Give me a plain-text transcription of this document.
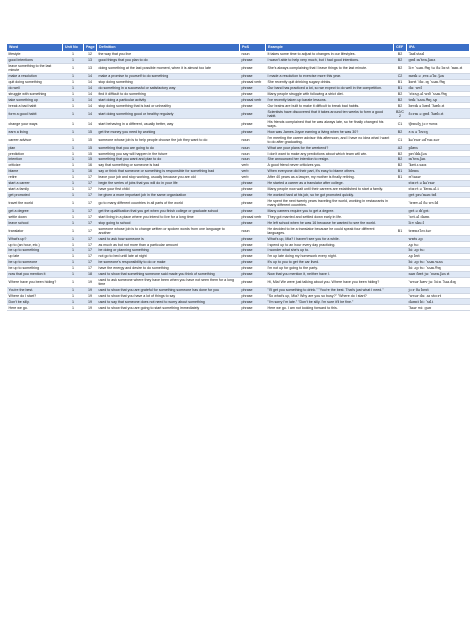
Word	Unit No	Page	Definition	PoS	Example	CEF	IPA
lifestyle	1	12	the way that you live	noun	It takes some time to adjust to changes in our lifestyles.	B2	ˈlaɪf.staɪl
good intentions	1	13	good things that you plan to do	phrase	I wasn't able to help very much, but I had good intentions.	B2	ɡʊd ɪnˈten.ʃənz
leave something to the last minute	1	13	doing something at the last possible moment, when it is almost too late	phrase	She's always complaining that I leave things to the last minute.	B2	liːv ˈsʌm.θɪŋ tə ðə lɑːst ˈmɪn.ɪt
make a resolution	1	14	make a promise to yourself to do something	phrase	I made a resolution to exercise more this year.	C2	meɪk ə ˌrez.əˈluː.ʃən
quit doing something	1	14	stop doing something	phrasal verb	She recently quit drinking sugary drinks.	B1	kwɪt ˈduː.ɪŋ ˈsʌm.θɪŋ
do well	1	14	do something in a successful or satisfactory way	phrase	Our band has practiced a lot, so we expect to do well in the competition.	B1	duː wel
struggle with something	1	14	find it difficult to do something	phrase	Many people struggle with following a strict diet.	B2	ˈstrʌɡ.əl wɪð ˈsʌm.θɪŋ
take something up	1	14	start doing a particular activity	phrasal verb	I've recently taken up karate lessons.	B2	teɪk ˈsʌm.θɪŋ ʌp
break a bad habit	1	14	stop doing something that is bad or unhealthy	phrase	Our brains are built to make it difficult to break bad habits.	B2	breɪk ə bæd ˈhæb.ɪt
form a good habit	1	14	start doing something good or healthy regularly	phrase	Scientists have discovered that it takes around ten weeks to form a good habit.	B2/C2	fɔːrm ə ɡʊd ˈhæb.ɪt
change your ways	1	14	start behaving in a different, usually better, way	phrase	His friends complained that he was always late, so he finally changed his ways.	C1	tʃeɪndʒ jɔːr weɪz
earn a living	1	15	get the money you need by working	phrase	How was James Joyce earning a living when he was 30?	B2	ɜːn ə ˈlɪv.ɪŋ
career advisor	1	15	someone whose job is to help people choose the job they want to do	noun	I'm meeting the career advisor this afternoon, and I have no idea what I want to do after graduating.	C1	kəˈrɪər ədˈvaɪ.zər
plan	1	15	something that you are going to do	noun	What are your plans for the weekend?	A2	plæn
prediction	1	15	something you say will happen in the future	noun	I don't want to make any predictions about which team will win.	B2	prɪˈdɪk.ʃən
intention	1	15	something that you want and plan to do	noun	She announced her intention to resign.	B2	ɪnˈten.ʃən
criticize	1	16	say that something or someone is bad	verb	A good friend never criticizes you.	B2	ˈkrɪt.ɪ.saɪz
blame	1	16	say or think that someone or something is responsible for something bad	verb	When everyone did their part, it's easy to blame others.	B1	bleɪm
retire	1	17	leave your job and stop working, usually because you are old	verb	After 40 years as a lawyer, my mother is finally retiring.	B1	rɪˈtaɪər
start a career	1	17	begin the series of jobs that you will do in your life	phrase	He started a career as a translator after college.		stɑːrt ə kəˈrɪər
start a family	1	17	have your first child	phrase	Many people now wait until their careers are established to start a family.		stɑːrt ə ˈfæm.əl.i
get promoted	1	17	be given a more important job in the same organization	phrase	He worked hard at his job, so he got promoted quickly.		ɡet prəˈməʊ.tɪd
travel the world	1	17	go to many different countries in all parts of the world	phrase	He spent the next twenty years traveling the world, working in restaurants in many different countries.		ˈtræv.əl ðə wɜːld
get a degree	1	17	get the qualification that you get when you finish college or graduate school	phrase	Many careers require you to get a degree.		ɡet ə dɪˈɡriː
settle down	1	17	start living in a place where you intend to live for a long time	phrasal verb	They got married and settled down early in life.		ˈset.əl daʊn
leave school	1	17	stop going to school	phrase	He left school when he was 16 because he wanted to see the world.		liːv skuːl
translator	1	17	someone whose job is to change written or spoken words from one language to another	noun	He decided to be a translator because he could speak four different languages.	B1	trænzˈleɪ.tər
What's up?	1	17	used to ask how someone is	phrase	What's up, Mia? I haven't see you for a while.		wɒts ʌp
up to (an hour, etc.)	1	17	as much as but not more than a particular amount	phrase	I spend up to an hour every day practicing.		ʌp tuː
be up to something	1	17	be doing or planning something	phrase	I wonder what she's up to.		biː ʌp tuː
up late	1	17	not go to bed until late at night	phrase	I'm up late doing my homework every night.		ʌp leɪt
be up to someone	1	17	be someone's responsibility to do or make	phrase	It's up to you to get the car lived.		biː ʌp tuː ˈsʌm.wʌn
be up to something	1	17	have the energy and desire to do something	phrase	I'm not up for going to the party.		biː ʌp tuː ˈsʌm.θɪŋ
now that you mention it	1	18	used to show that something someone said made you think of something	phrase	Now that you mention it, neither have I.		naʊ ðæt juː ˈmen.ʃən ɪt
Where have you been hiding?	1	19	used to ask someone where they have been when you have not seen them for a long time	phrase	Hi, Mia! We were just talking about you. Where have you been hiding?		ˈweər hæv juː biːn ˈhaɪ.dɪŋ
You're the best.	1	19	used to show that you are grateful for something someone has done for you	phrase	"I'll get you something to drink." "You're the best. That's just what I need."		jɔːr ðə best
Where do I start?	1	19	used to show that you have a lot of things to say	phrase	"So what's up, Mia? Why are you so busy?" "Where do I start?		ˈweər duː aɪ stɑːrt
Don't be silly.	1	19	used to say that someone does not need to worry about something	phrase	"I'm sorry I'm late." "Don't be silly. I'm sure it'll be fine."		dəʊnt biː ˈsɪl.i
Here we go.	1	19	used to show that you are going to start something immediately	phrase	Here we go. I am not looking forward to this.		ˈhɪər wiː ɡəʊ
